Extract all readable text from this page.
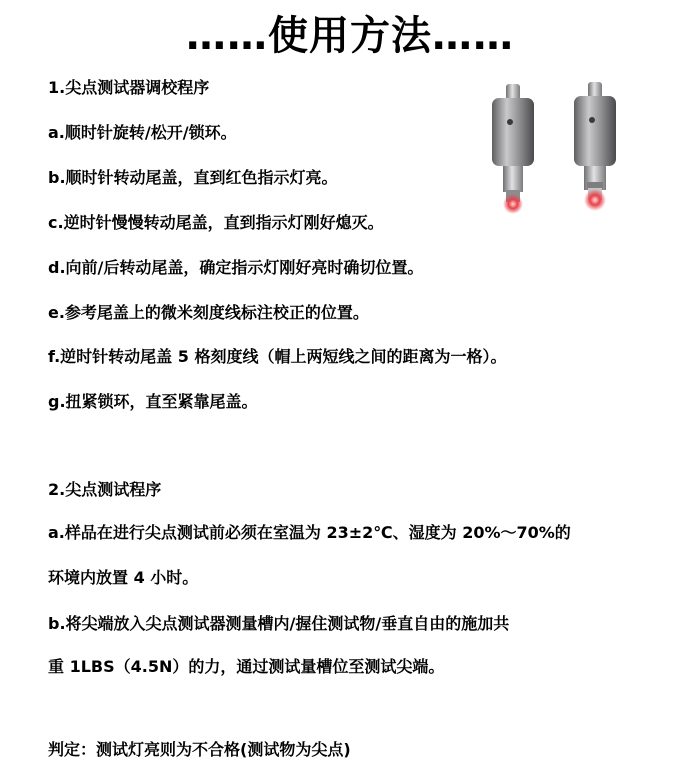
……使用方法……
1.尖点测试器调校程序
a.顺时针旋转/松开/锁环。
b.顺时针转动尾盖，直到红色指示灯亮。
c.逆时针慢慢转动尾盖，直到指示灯刚好熄灭。
d.向前/后转动尾盖，确定指示灯刚好亮时确切位置。
e.参考尾盖上的微米刻度线标注校正的位置。
f.逆时针转动尾盖 5 格刻度线（帽上两短线之间的距离为一格）。
g.扭紧锁环，直至紧靠尾盖。
2.尖点测试程序
a.样品在进行尖点测试前必须在室温为 23±2℃、湿度为 20%～70%的
环境内放置 4 小时。
b.将尖端放入尖点测试器测量槽内/握住测试物/垂直自由的施加共
重 1LBS（4.5N）的力，通过测试量槽位至测试尖端。
判定：测试灯亮则为不合格(测试物为尖点)
